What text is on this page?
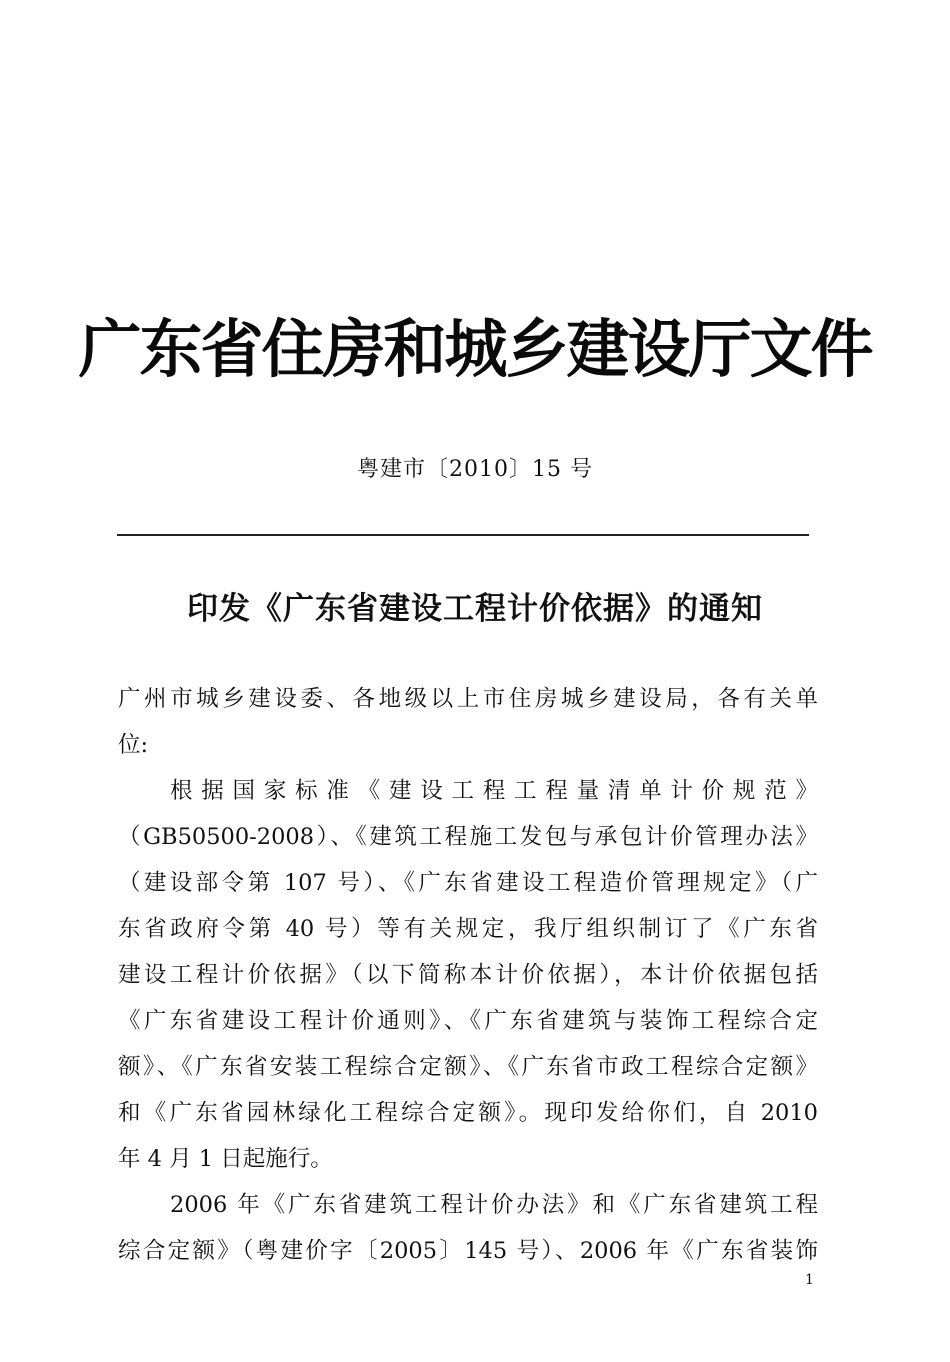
广东省住房和城乡建设厅文件
粤建市〔2010〕15 号
印发《广东省建设工程计价依据》的通知
广州市城乡建设委、各地级以上市住房城乡建设局，各有关单
位:
根据国家标准《建设工程工程量清单计价规范》
（GB50500-2008）、《建筑工程施工发包与承包计价管理办法》
（建设部令第 107 号）、《广东省建设工程造价管理规定》（广
东省政府令第 40 号）等有关规定，我厅组织制订了《广东省
建设工程计价依据》（以下简称本计价依据），本计价依据包括
《广东省建设工程计价通则》、《广东省建筑与装饰工程综合定
额》、《广东省安装工程综合定额》、《广东省市政工程综合定额》
和《广东省园林绿化工程综合定额》。现印发给你们，自 2010
年 4 月 1 日起施行。
2006 年《广东省建筑工程计价办法》和《广东省建筑工程
综合定额》（粤建价字〔2005〕145 号）、2006 年《广东省装饰
1
